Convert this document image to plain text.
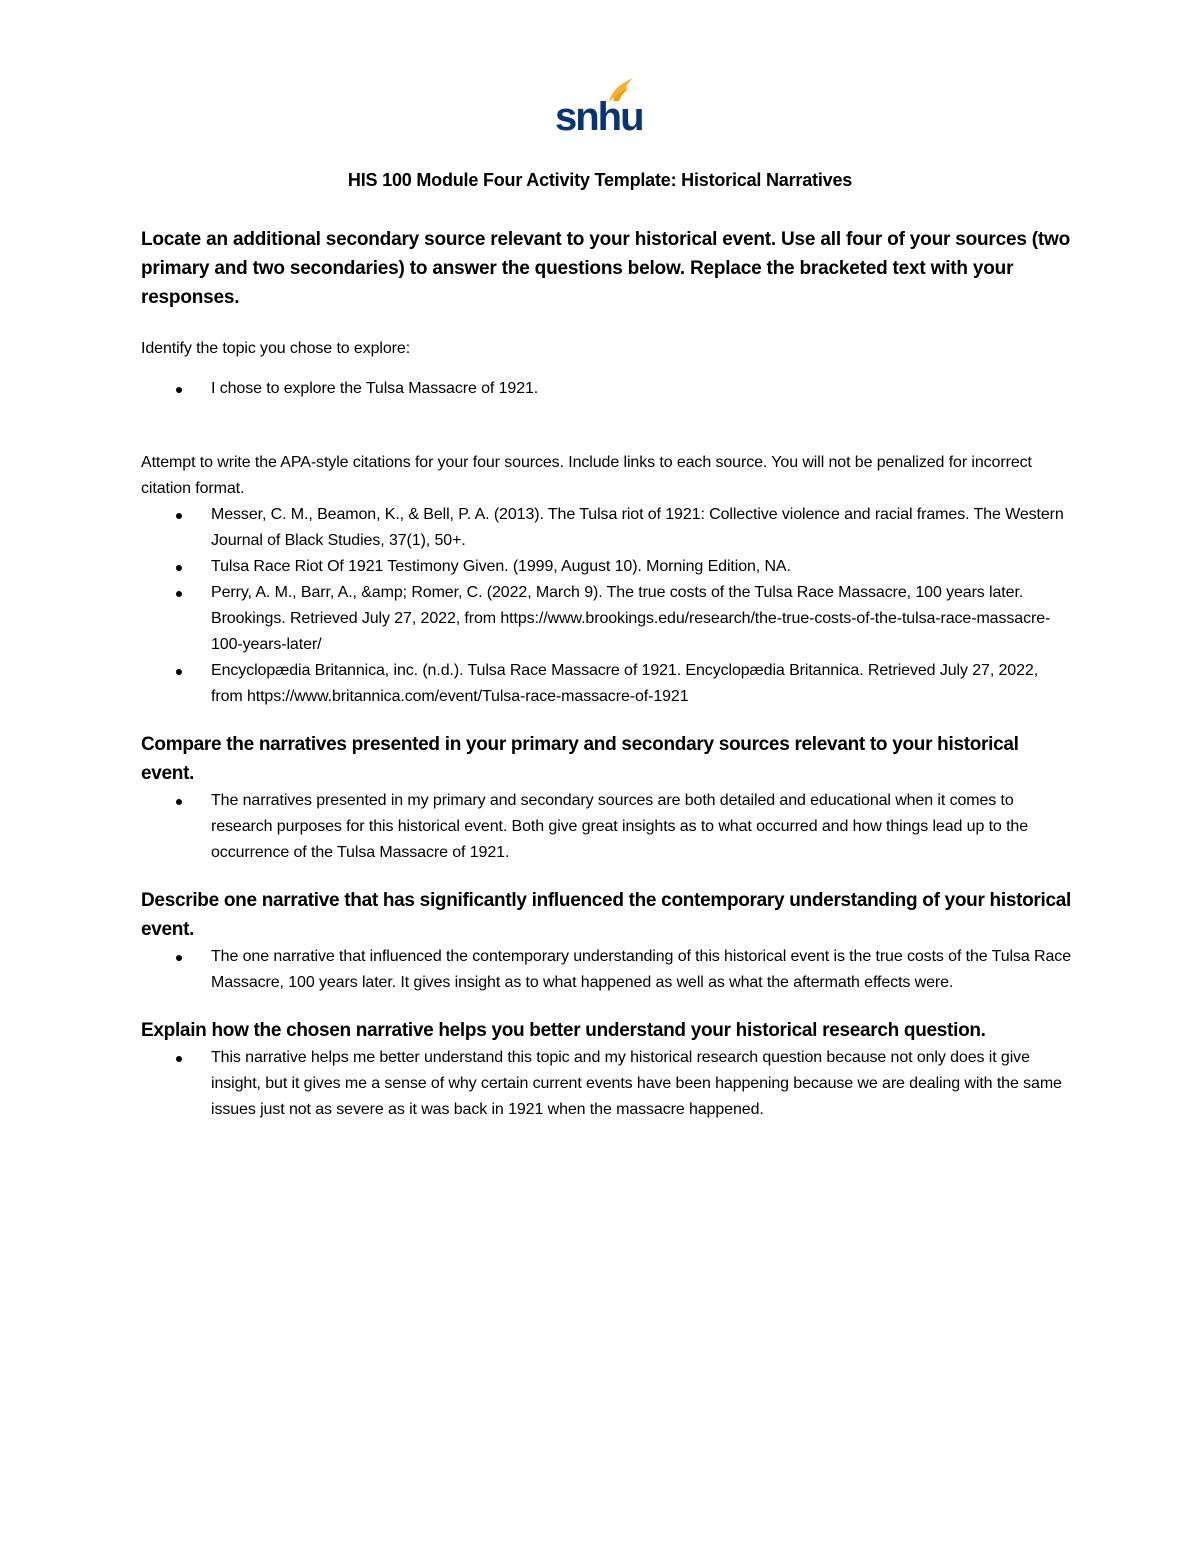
snhu
HIS 100 Module Four Activity Template: Historical Narratives

Locate an additional secondary source relevant to your historical event. Use all four of your sources (two primary and two secondaries) to answer the questions below. Replace the bracketed text with your responses.

Identify the topic you chose to explore:

I chose to explore the Tulsa Massacre of 1921.

Attempt to write the APA-style citations for your four sources. Include links to each source. You will not be penalized for incorrect citation format.

Messer, C. M., Beamon, K., & Bell, P. A. (2013). The Tulsa riot of 1921: Collective violence and racial frames. The Western Journal of Black Studies, 37(1), 50+.
Tulsa Race Riot Of 1921 Testimony Given. (1999, August 10). Morning Edition, NA.
Perry, A. M., Barr, A., &amp; Romer, C. (2022, March 9). The true costs of the Tulsa Race Massacre, 100 years later. Brookings. Retrieved July 27, 2022, from https://www.brookings.edu/research/the-true-costs-of-the-tulsa-race-massacre-100-years-later/
Encyclopædia Britannica, inc. (n.d.). Tulsa Race Massacre of 1921. Encyclopædia Britannica. Retrieved July 27, 2022, from https://www.britannica.com/event/Tulsa-race-massacre-of-1921

Compare the narratives presented in your primary and secondary sources relevant to your historical event.

The narratives presented in my primary and secondary sources are both detailed and educational when it comes to research purposes for this historical event. Both give great insights as to what occurred and how things lead up to the occurrence of the Tulsa Massacre of 1921.

Describe one narrative that has significantly influenced the contemporary understanding of your historical event.

The one narrative that influenced the contemporary understanding of this historical event is the true costs of the Tulsa Race Massacre, 100 years later. It gives insight as to what happened as well as what the aftermath effects were.

Explain how the chosen narrative helps you better understand your historical research question.

This narrative helps me better understand this topic and my historical research question because not only does it give insight, but it gives me a sense of why certain current events have been happening because we are dealing with the same issues just not as severe as it was back in 1921 when the massacre happened.
